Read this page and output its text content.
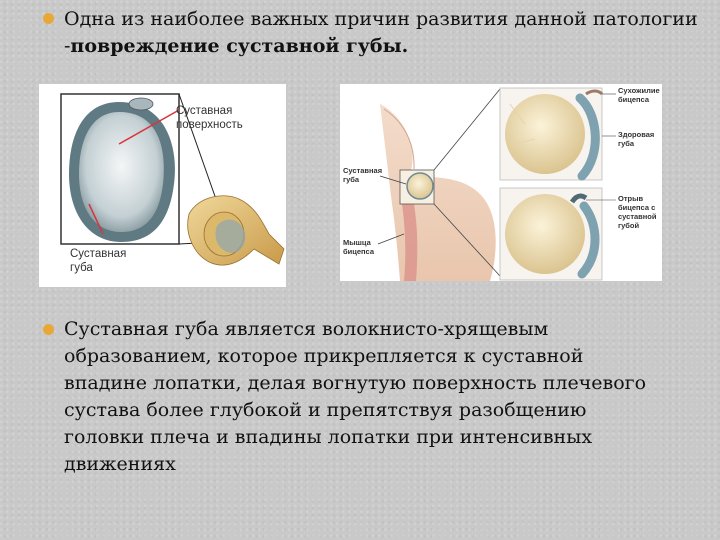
Одна из наиболее важных причин развития данной патологии -повреждение суставной губы.
Суставная
поверхность
Суставная
губа
Суставная
губа
Мышца
бицепса
Сухожилие
бицепса
Здоровая
губа
Отрыв
бицепса с
суставной
губой
Суставная губа является волокнисто-хрящевым образованием, которое прикрепляется к суставной впадине лопатки, делая вогнутую поверхность плечевого сустава более глубокой и препятствуя разобщению головки плеча и впадины лопатки при интенсивных движениях
